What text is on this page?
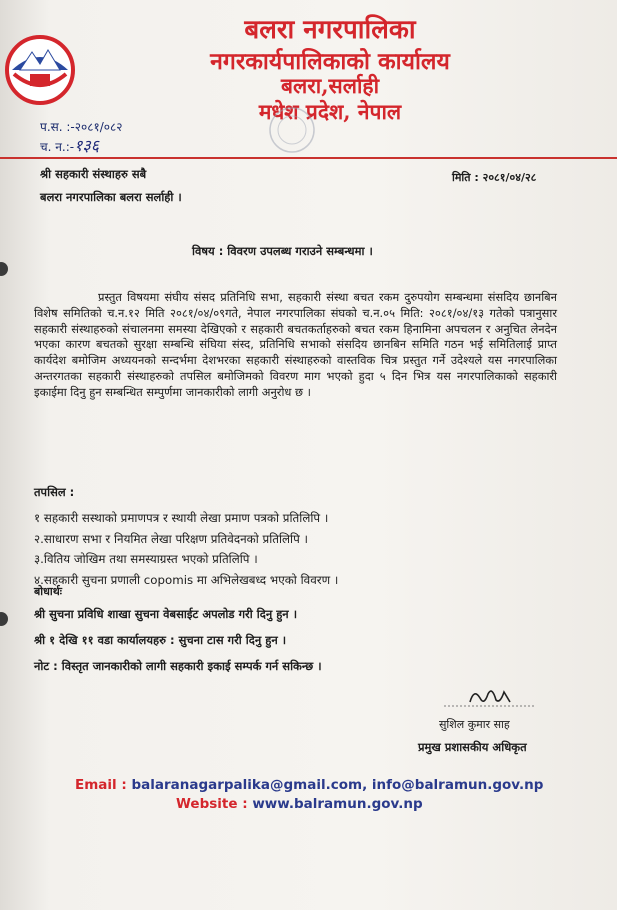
बलरा नगरपालिका
नगरकार्यपालिकाको कार्यालय
बलरा,सर्लाही
मधेश प्रदेश, नेपाल
प.स. :-२०८१/०८२
च. न.:-१३६
श्री सहकारी संस्थाहरु सबै	मिति : २०८१/०४/२८
बलरा नगरपालिका बलरा सर्लाही ।
विषय : विवरण उपलब्ध गराउने सम्बन्धमा ।
प्रस्तुत विषयमा संघीय संसद प्रतिनिधि सभा, सहकारी संस्था बचत रकम दुरुपयोग सम्बन्धमा संसदिय छानबिन विशेष समितिको च.न.१२ मिति २०८१/०४/०९गते, नेपाल नगरपालिका संघको च.न.०५ मिति: २०८१/०४/१३ गतेको पत्रानुसार सहकारी संस्थाहरुको संचालनमा समस्या देखिएको र सहकारी बचतकर्ताहरुको बचत रकम हिनामिना अपचलन र अनुचित लेनदेन भएका कारण बचतको सुरक्षा सम्बन्धि संघिया संस्द, प्रतिनिधि सभाको संसदिय छानबिन समिति गठन भई समितिलाई प्राप्त कार्यदेश बमोजिम अध्ययनको सन्दर्भमा देशभरका सहकारी संस्थाहरुको वास्तविक चित्र प्रस्तुत गर्ने उदेश्यले यस नगरपालिका अन्तरगतका सहकारी संस्थाहरुको तपसिल बमोजिमको विवरण माग भएको हुदा ५ दिन भित्र यस नगरपालिकाको सहकारी इकाईमा दिनु हुन सम्बन्धित सम्पुर्णमा जानकारीको लागी अनुरोध छ ।
तपसिल :
१ सहकारी सस्थाको प्रमाणपत्र र स्थायी लेखा प्रमाण पत्रको प्रतिलिपि ।
२.साधारण सभा र नियमित लेखा परिक्षण प्रतिवेदनको प्रतिलिपि ।
३.वितिय जोखिम तथा समस्याग्रस्त भएको प्रतिलिपि ।
४.सहकारी सुचना प्रणाली copomis मा अभिलेखबध्द भएको विवरण ।
बोधार्थः
श्री सुचना प्रविधि शाखा सुचना वेबसाईट अपलोड गरी दिनु हुन ।
श्री १ देखि ११ वडा कार्यालयहरु : सुचना टास गरी दिनु हुन ।
नोट : विस्तृत जानकारीको लागी सहकारी इकाई सम्पर्क गर्न सकिन्छ ।
सुशिल कुमार साह
प्रमुख प्रशासकीय अधिकृत
Email : balaranagarpalika@gmail.com, info@balramun.gov.np
Website : www.balramun.gov.np
